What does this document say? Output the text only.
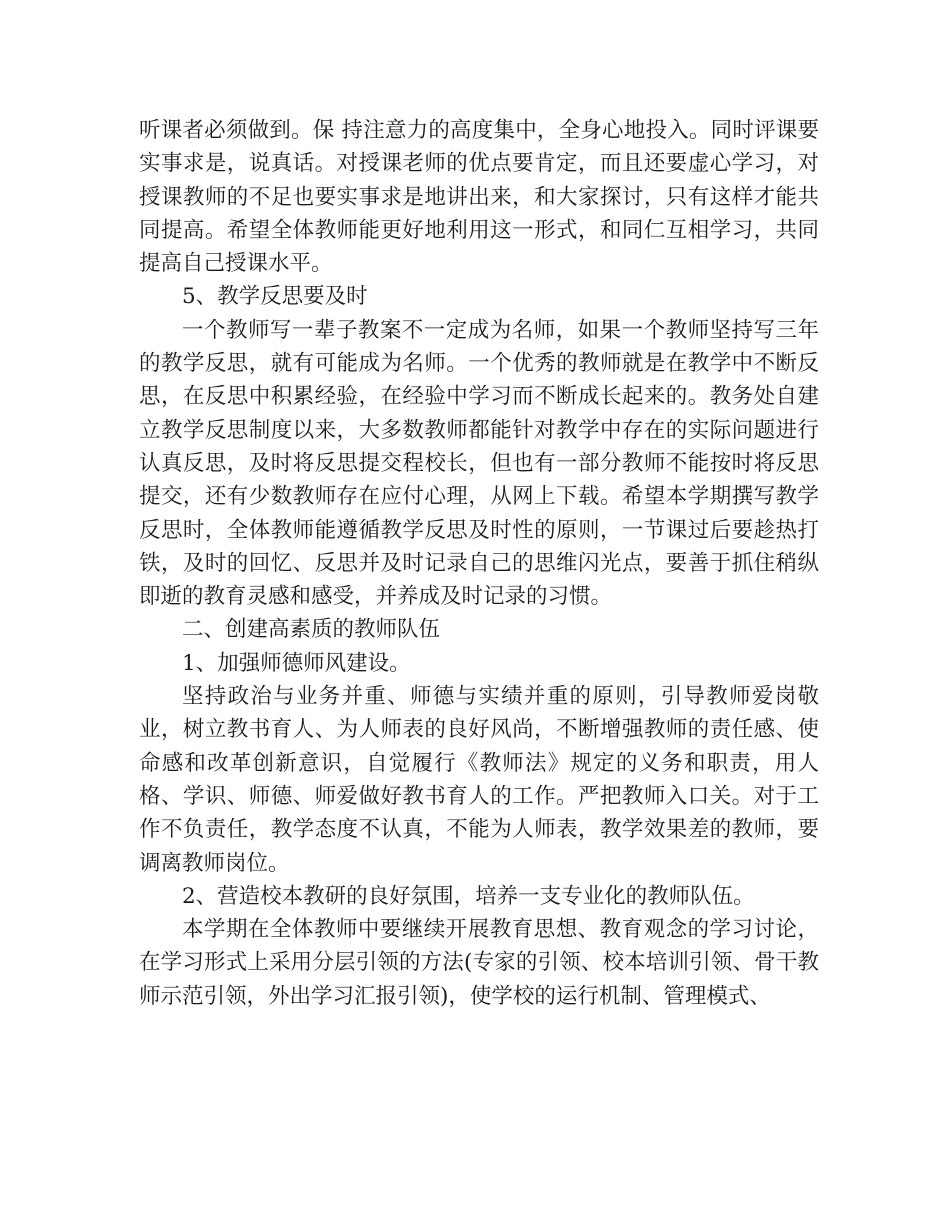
听课者必须做到。保 持注意力的高度集中，全身心地投入。同时评课要实事求是，说真话。对授课老师的优点要肯定，而且还要虚心学习，对授课教师的不足也要实事求是地讲出来，和大家探讨，只有这样才能共同提高。希望全体教师能更好地利用这一形式，和同仁互相学习，共同提高自己授课水平。

5、教学反思要及时

一个教师写一辈子教案不一定成为名师，如果一个教师坚持写三年的教学反思，就有可能成为名师。一个优秀的教师就是在教学中不断反思，在反思中积累经验，在经验中学习而不断成长起来的。教务处自建立教学反思制度以来，大多数教师都能针对教学中存在的实际问题进行认真反思，及时将反思提交程校长，但也有一部分教师不能按时将反思提交，还有少数教师存在应付心理，从网上下载。希望本学期撰写教学反思时，全体教师能遵循教学反思及时性的原则，一节课过后要趁热打铁，及时的回忆、反思并及时记录自己的思维闪光点，要善于抓住稍纵即逝的教育灵感和感受，并养成及时记录的习惯。

二、创建高素质的教师队伍

1、加强师德师风建设。

坚持政治与业务并重、师德与实绩并重的原则，引导教师爱岗敬业，树立教书育人、为人师表的良好风尚，不断增强教师的责任感、使命感和改革创新意识，自觉履行《教师法》规定的义务和职责，用人格、学识、师德、师爱做好教书育人的工作。严把教师入口关。对于工作不负责任，教学态度不认真，不能为人师表，教学效果差的教师，要调离教师岗位。

2、营造校本教研的良好氛围，培养一支专业化的教师队伍。

本学期在全体教师中要继续开展教育思想、教育观念的学习讨论，在学习形式上采用分层引领的方法(专家的引领、校本培训引领、骨干教师示范引领，外出学习汇报引领)，使学校的运行机制、管理模式、
